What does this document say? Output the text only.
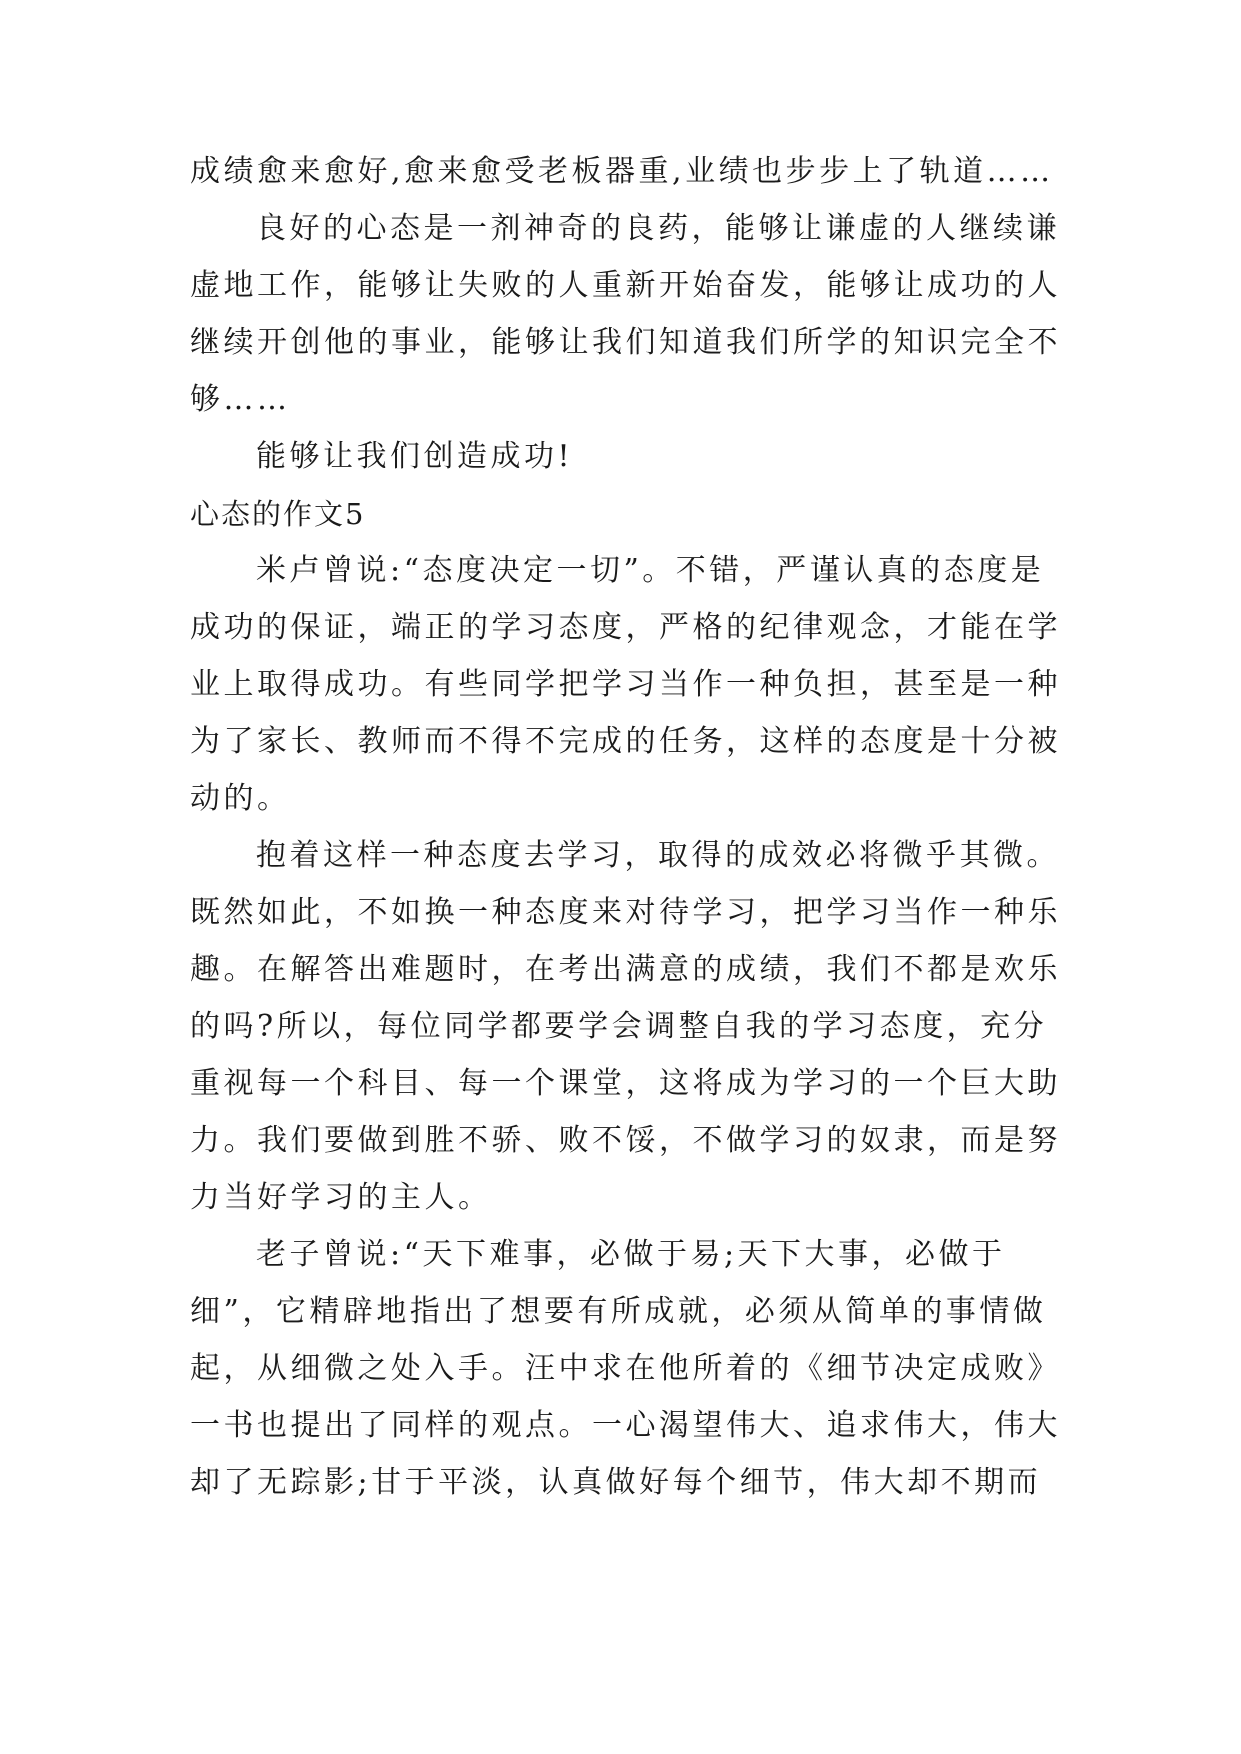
成绩愈来愈好,愈来愈受老板器重,业绩也步步上了轨道……
良好的心态是一剂神奇的良药，能够让谦虚的人继续谦
虚地工作，能够让失败的人重新开始奋发，能够让成功的人
继续开创他的事业，能够让我们知道我们所学的知识完全不
够……
能够让我们创造成功!
心态的作文5
米卢曾说:“态度决定一切”。不错，严谨认真的态度是
成功的保证，端正的学习态度，严格的纪律观念，才能在学
业上取得成功。有些同学把学习当作一种负担，甚至是一种
为了家长、教师而不得不完成的任务，这样的态度是十分被
动的。
抱着这样一种态度去学习，取得的成效必将微乎其微。
既然如此，不如换一种态度来对待学习，把学习当作一种乐
趣。在解答出难题时，在考出满意的成绩，我们不都是欢乐
的吗?所以，每位同学都要学会调整自我的学习态度，充分
重视每一个科目、每一个课堂，这将成为学习的一个巨大助
力。我们要做到胜不骄、败不馁，不做学习的奴隶，而是努
力当好学习的主人。
老子曾说:“天下难事，必做于易;天下大事，必做于
细”，它精辟地指出了想要有所成就，必须从简单的事情做
起，从细微之处入手。汪中求在他所着的《细节决定成败》
一书也提出了同样的观点。一心渴望伟大、追求伟大，伟大
却了无踪影;甘于平淡，认真做好每个细节，伟大却不期而
